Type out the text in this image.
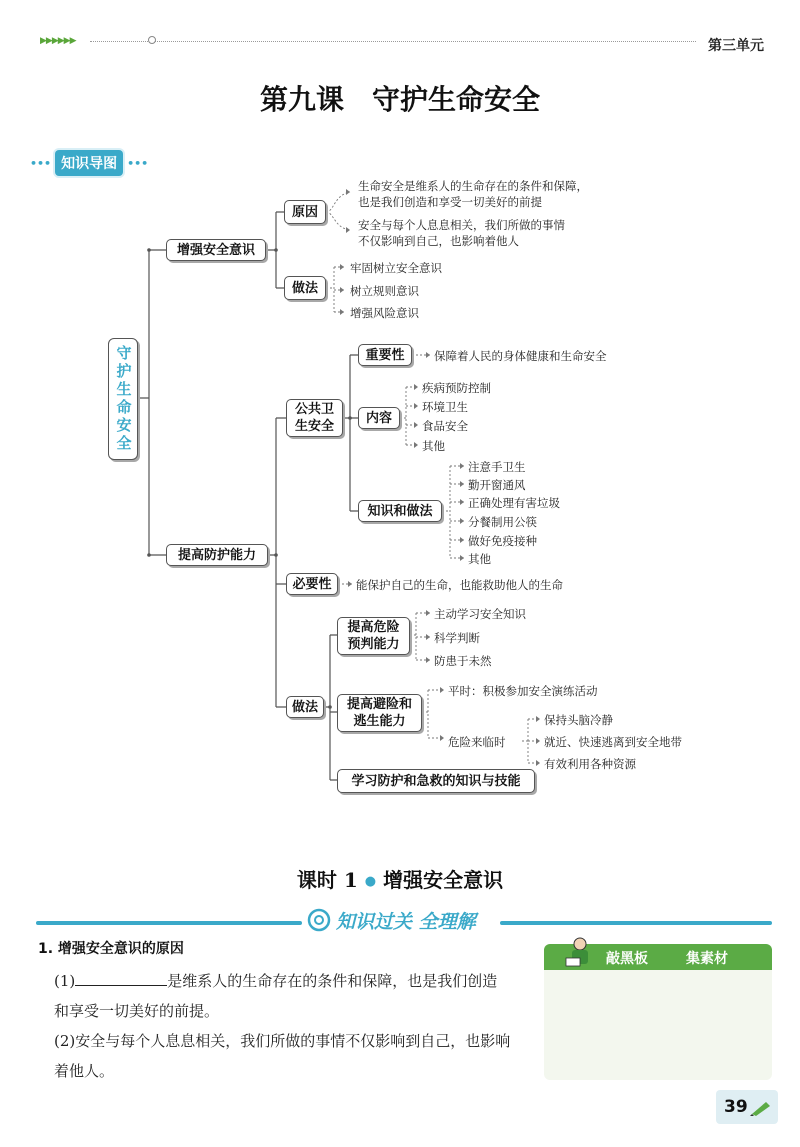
▶▶▶▶▶▶	第三单元
第九课　守护生命安全
••• 知识导图 •••
守护生命安全
增强安全意识
原因
做法
生命安全是维系人的生命存在的条件和保障，
也是我们创造和享受一切美好的前提
安全与每个人息息相关，我们所做的事情
不仅影响到自己，也影响着他人
牢固树立安全意识
树立规则意识
增强风险意识
提高防护能力
公共卫
生安全
重要性	保障着人民的身体健康和生命安全
内容
疾病预防控制
环境卫生
食品安全
其他
知识和做法
注意手卫生
勤开窗通风
正确处理有害垃圾
分餐制用公筷
做好免疫接种
其他
必要性	能保护自己的生命，也能救助他人的生命
做法
提高危险
预判能力
主动学习安全知识
科学判断
防患于未然
提高避险和
逃生能力
平时：积极参加安全演练活动
危险来临时
保持头脑冷静
就近、快速逃离到安全地带
有效利用各种资源
学习防护和急救的知识与技能
课时 1 ● 增强安全意识
知识过关 全理解
1. 增强安全意识的原因
(1)	是维系人的生命存在的条件和保障，也是我们创造
和享受一切美好的前提。
(2)安全与每个人息息相关，我们所做的事情不仅影响到自己，也影响
着他人。
敲黑板	集素材
39
